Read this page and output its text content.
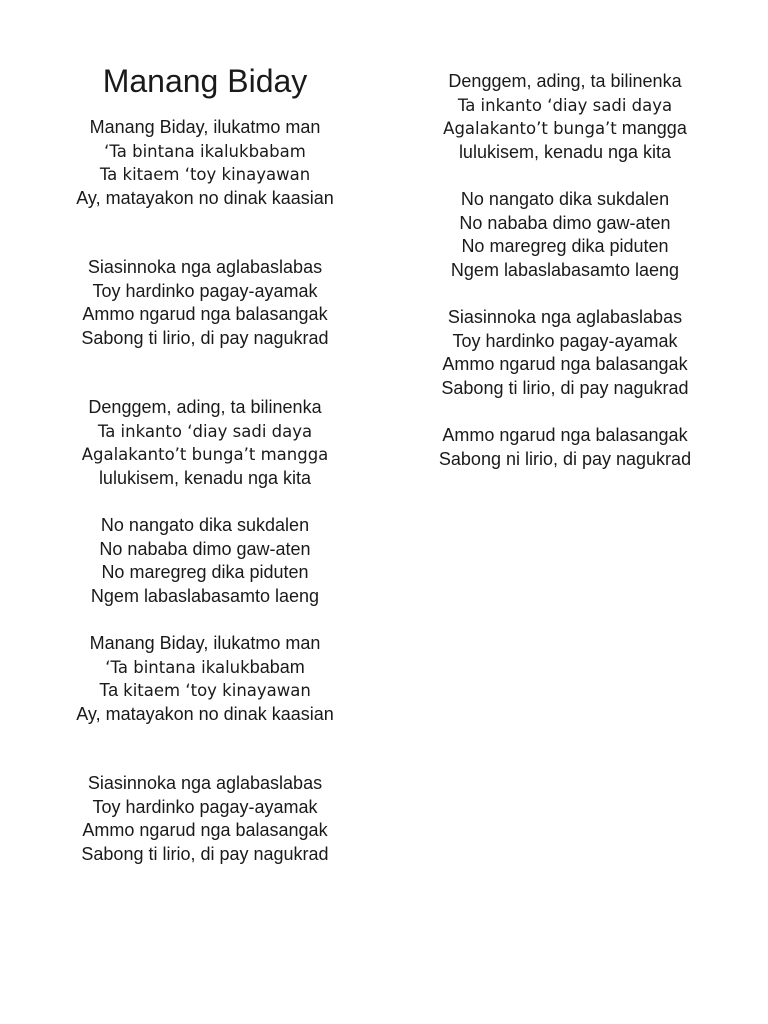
Manang Biday
Manang Biday, ilukatmo man
‘Ta bintana ikalukbabam
Ta kitaem ‘toy kinayawan
Ay, matayakon no dinak kaasian
Siasinnoka nga aglabaslabas
Toy hardinko pagay-ayamak
Ammo ngarud nga balasangak
Sabong ti lirio, di pay nagukrad
Denggem, ading, ta bilinenka
Ta inkanto ‘diay sadi daya
Agalakanto’t bunga’t mangga
lulukisem, kenadu nga kita
No nangato dika sukdalen
No nababa dimo gaw-aten
No maregreg dika piduten
Ngem labaslabasamto laeng
Manang Biday, ilukatmo man
‘Ta bintana ikalukbabam
Ta kitaem ‘toy kinayawan
Ay, matayakon no dinak kaasian
Siasinnoka nga aglabaslabas
Toy hardinko pagay-ayamak
Ammo ngarud nga balasangak
Sabong ti lirio, di pay nagukrad
Denggem, ading, ta bilinenka
Ta inkanto ‘diay sadi daya
Agalakanto’t bunga’t mangga
lulukisem, kenadu nga kita
No nangato dika sukdalen
No nababa dimo gaw-aten
No maregreg dika piduten
Ngem labaslabasamto laeng
Siasinnoka nga aglabaslabas
Toy hardinko pagay-ayamak
Ammo ngarud nga balasangak
Sabong ti lirio, di pay nagukrad
Ammo ngarud nga balasangak
Sabong ni lirio, di pay nagukrad
